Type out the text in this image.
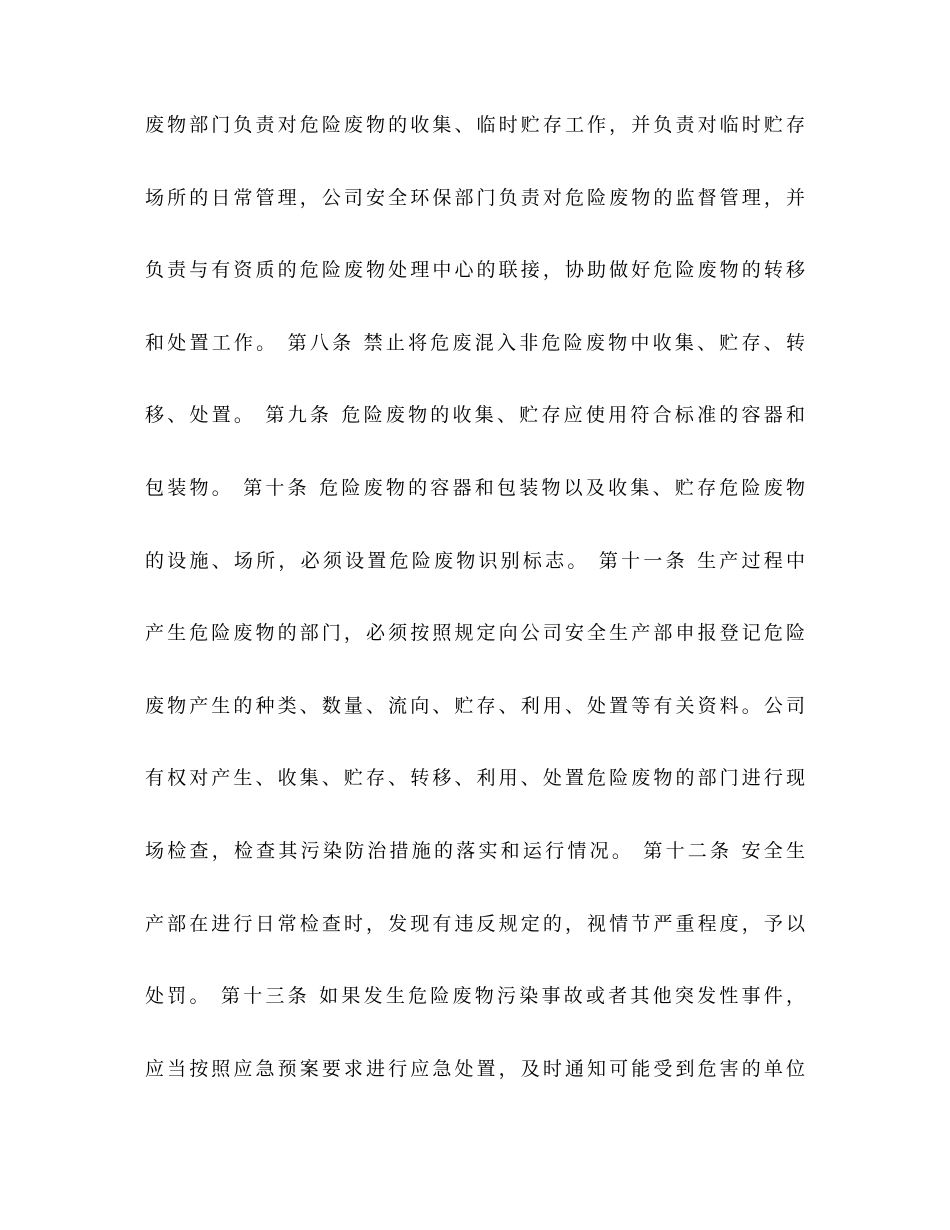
废物部门负责对危险废物的收集、临时贮存工作，并负责对临时贮存
场所的日常管理，公司安全环保部门负责对危险废物的监督管理，并
负责与有资质的危险废物处理中心的联接，协助做好危险废物的转移
和处置工作。 第八条 禁止将危废混入非危险废物中收集、贮存、转
移、处置。 第九条 危险废物的收集、贮存应使用符合标准的容器和
包装物。 第十条 危险废物的容器和包装物以及收集、贮存危险废物
的设施、场所，必须设置危险废物识别标志。 第十一条 生产过程中
产生危险废物的部门，必须按照规定向公司安全生产部申报登记危险
废物产生的种类、数量、流向、贮存、利用、处置等有关资料。公司
有权对产生、收集、贮存、转移、利用、处置危险废物的部门进行现
场检查，检查其污染防治措施的落实和运行情况。 第十二条 安全生
产部在进行日常检查时，发现有违反规定的，视情节严重程度，予以
处罚。 第十三条 如果发生危险废物污染事故或者其他突发性事件，
应当按照应急预案要求进行应急处置，及时通知可能受到危害的单位
